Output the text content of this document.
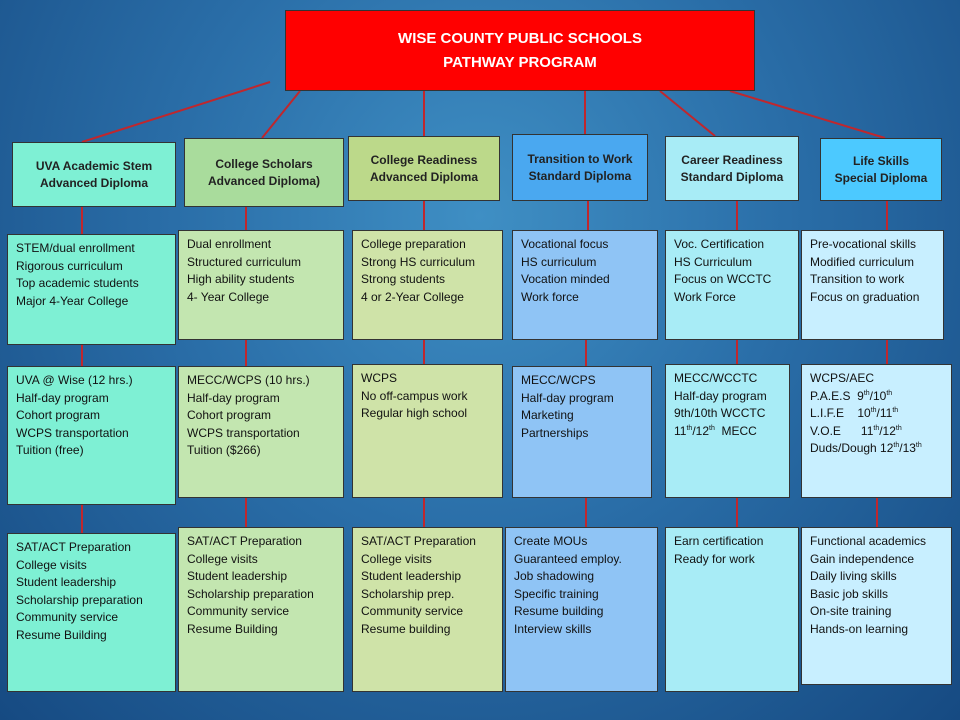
WISE COUNTY PUBLIC SCHOOLS
PATHWAY PROGRAM
UVA Academic Stem
Advanced Diploma
STEM/dual enrollment
Rigorous curriculum
Top academic students
Major 4-Year College
UVA @ Wise (12 hrs.)
Half-day program
Cohort program
WCPS transportation
Tuition (free)
SAT/ACT Preparation
College visits
Student leadership
Scholarship preparation
Community service
Resume Building
College Scholars
Advanced Diploma)
Dual enrollment
Structured curriculum
High ability students
4- Year College
MECC/WCPS (10 hrs.)
Half-day program
Cohort program
WCPS transportation
Tuition ($266)
SAT/ACT Preparation
College visits
Student leadership
Scholarship preparation
Community service
Resume Building
College Readiness
Advanced Diploma
College preparation
Strong HS curriculum
Strong students
4 or 2-Year College
WCPS
No off-campus work
Regular high school
SAT/ACT Preparation
College visits
Student leadership
Scholarship prep.
Community service
Resume building
Transition to Work
Standard Diploma
Vocational focus
HS curriculum
Vocation minded
Work force
MECC/WCPS
Half-day program
Marketing
Partnerships
Create MOUs
Guaranteed employ.
Job shadowing
Specific training
Resume building
Interview skills
Career Readiness
Standard Diploma
Voc. Certification
HS Curriculum
Focus on WCCTC
Work Force
MECC/WCCTC
Half-day program
9th/10th WCCTC
11th/12th  MECC
Earn certification
Ready for work
Life Skills
Special Diploma
Pre-vocational skills
Modified curriculum
Transition to work
Focus on graduation
WCPS/AEC
P.A.E.S  9th/10th
L.I.F.E    10th/11th
V.O.E      11th/12th
Duds/Dough 12th/13th
Functional academics
Gain independence
Daily living skills
Basic job skills
On-site training
Hands-on learning
